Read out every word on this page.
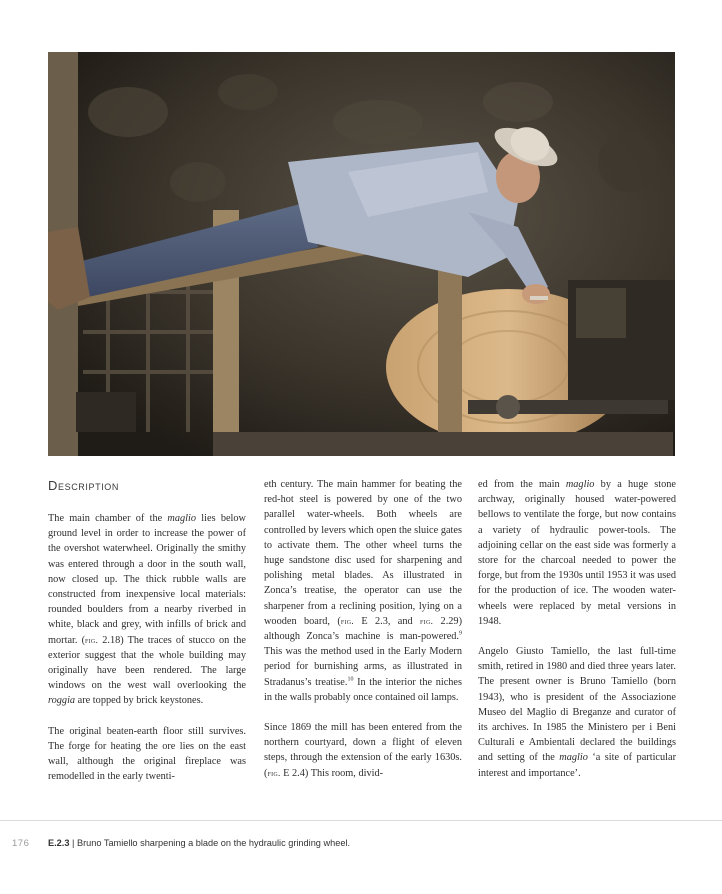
Description

The main chamber of the maglio lies below ground level in order to increase the power of the overshot waterwheel. Originally the smithy was entered through a door in the south wall, now closed up. The thick rubble walls are constructed from inexpensive local materials: rounded boulders from a nearby riverbed in white, black and grey, with infills of brick and mortar. (fig. 2.18) The traces of stucco on the exterior suggest that the whole building may originally have been rendered. The large windows on the west wall overlooking the roggia are topped by brick keystones.

The original beaten-earth floor still survives. The forge for heating the ore lies on the east wall, although the original fireplace was remodelled in the early twenti-

eth century. The main hammer for beating the red-hot steel is powered by one of the two parallel water-wheels. Both wheels are controlled by levers which open the sluice gates to activate them. The other wheel turns the huge sandstone disc used for sharpening and polishing metal blades. As illustrated in Zonca’s treatise, the operator can use the sharpener from a reclining position, lying on a wooden board, (fig. E 2.3, and fig. 2.29) although Zonca’s machine is man-powered.$^9$ This was the method used in the Early Modern period for burnishing arms, as illustrated in Stradanus’s treatise.$^{10}$ In the interior the niches in the walls probably once contained oil lamps.

Since 1869 the mill has been entered from the northern courtyard, down a flight of eleven steps, through the extension of the early 1630s. (fig. E 2.4) This room, divid-

ed from the main maglio by a huge stone archway, originally housed water-powered bellows to ventilate the forge, but now contains a variety of hydraulic power-tools. The adjoining cellar on the east side was formerly a store for the charcoal needed to power the forge, but from the 1930s until 1953 it was used for the production of ice. The wooden water-wheels were replaced by metal versions in 1948.

Angelo Giusto Tamiello, the last full-time smith, retired in 1980 and died three years later. The present owner is Bruno Tamiello (born 1943), who is president of the Associazione Museo del Maglio di Breganze and curator of its archives. In 1985 the Ministero per i Beni Culturali e Ambientali declared the buildings and setting of the maglio ‘a site of particular interest and importance’.

176 E.2.3 | Bruno Tamiello sharpening a blade on the hydraulic grinding wheel.
